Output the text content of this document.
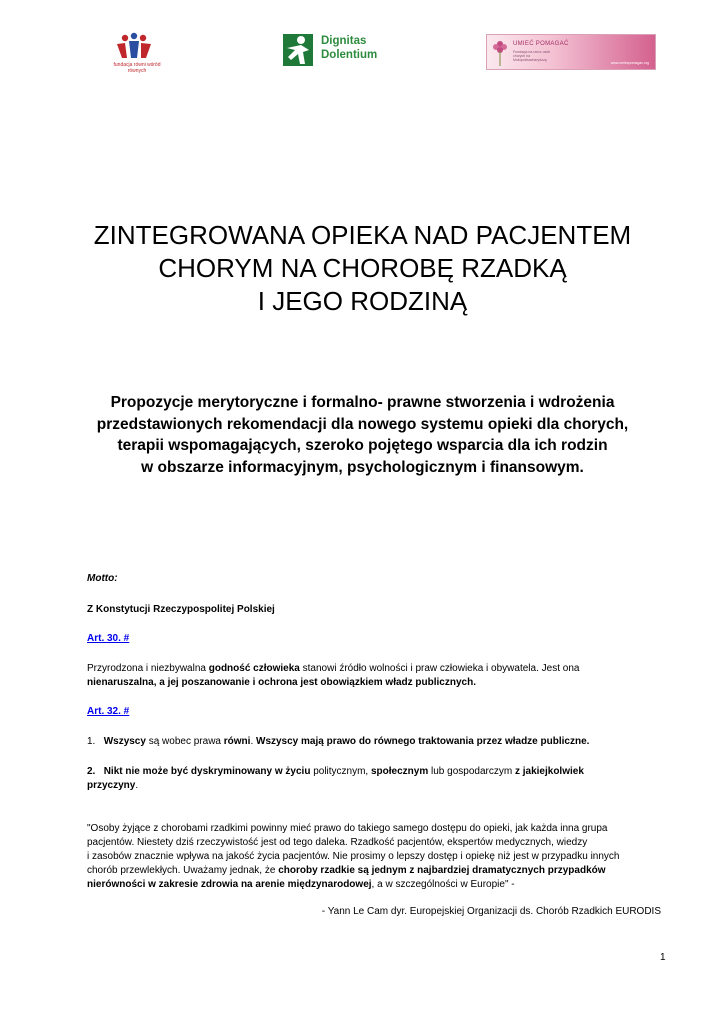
fundacja równi wśród równych
Dignitas
Dolentium
UMIEĆ POMAGAĆ
Fundacja na rzecz osób chorych na Mukopolisacharydozę
www.umiecpomagac.org
ZINTEGROWANA OPIEKA NAD PACJENTEM
CHORYM NA CHOROBĘ RZADKĄ
I JEGO RODZINĄ
Propozycje merytoryczne i formalno- prawne stworzenia i wdrożenia
przedstawionych rekomendacji dla nowego systemu opieki dla chorych,
terapii wspomagających, szeroko pojętego wsparcia dla ich rodzin
w obszarze informacyjnym, psychologicznym i finansowym.
Motto:
Z Konstytucji Rzeczypospolitej Polskiej
Art. 30. #
Przyrodzona i niezbywalna godność człowieka stanowi źródło wolności i praw człowieka i obywatela. Jest ona
nienaruszalna, a jej poszanowanie i ochrona jest obowiązkiem władz publicznych.
Art. 32. #
1. Wszyscy są wobec prawa równi. Wszyscy mają prawo do równego traktowania przez władze publiczne.
2. Nikt nie może być dyskryminowany w życiu politycznym, społecznym lub gospodarczym z jakiejkolwiek
przyczyny.
"Osoby żyjące z chorobami rzadkimi powinny mieć prawo do takiego samego dostępu do opieki, jak każda inna grupa
pacjentów. Niestety dziś rzeczywistość jest od tego daleka. Rzadkość pacjentów, ekspertów medycznych, wiedzy
i zasobów znacznie wpływa na jakość życia pacjentów. Nie prosimy o lepszy dostęp i opiekę niż jest w przypadku innych
chorób przewlekłych. Uważamy jednak, że choroby rzadkie są jednym z najbardziej dramatycznych przypadków
nierówności w zakresie zdrowia na arenie międzynarodowej, a w szczególności w Europie" -
- Yann Le Cam dyr. Europejskiej Organizacji ds. Chorób Rzadkich EURODIS
1
